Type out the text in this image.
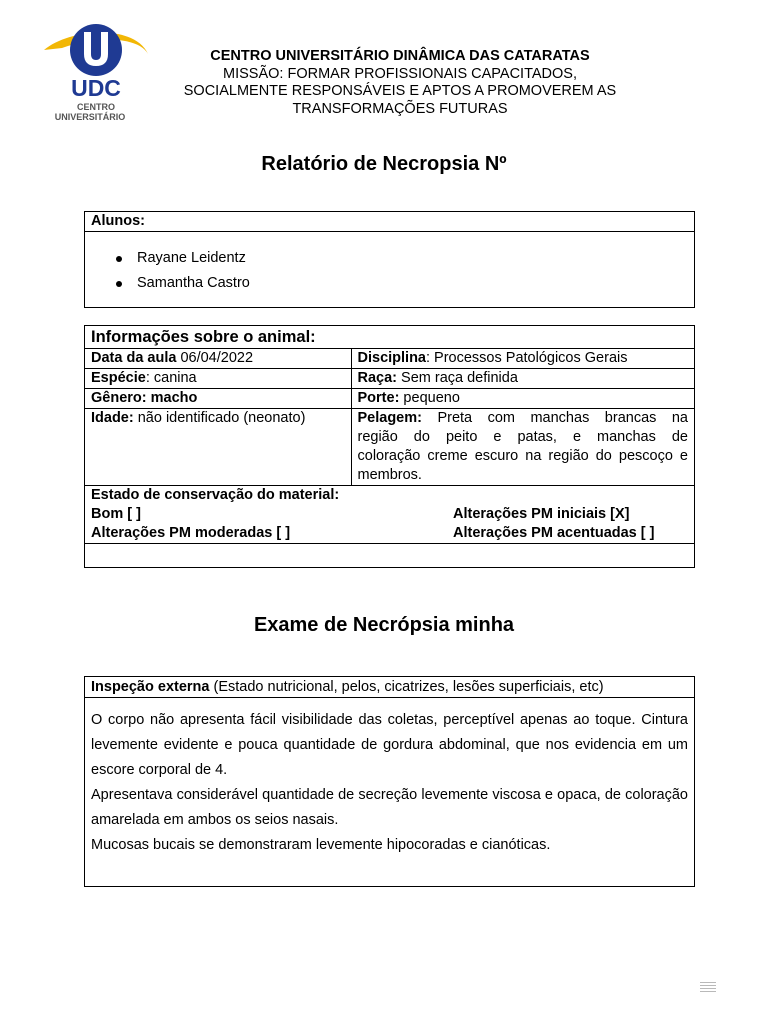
UDC
CENTRO
UNIVERSITÁRIO
CENTRO UNIVERSITÁRIO DINÂMICA DAS CATARATAS
MISSÃO: FORMAR PROFISSIONAIS CAPACITADOS,
SOCIALMENTE RESPONSÁVEIS E APTOS A PROMOVEREM AS
TRANSFORMAÇÕES FUTURAS
Relatório de Necropsia Nº
Alunos:
Rayane Leidentz
Samantha Castro
Informações sobre o animal:	
Data da aula 06/04/2022	Disciplina: Processos Patológicos Gerais
Espécie: canina	Raça: Sem raça definida
Gênero: macho	Porte: pequeno
Idade: não identificado (neonato)	Pelagem: Preta com manchas brancas na
região do peito e patas, e manchas de
coloração creme escuro na região do pescoço e
membros.

Estado de conservação do material:
Bom [ ] Alterações PM iniciais [X]
Alterações PM moderadas [ ] Alterações PM acentuadas [ ]	
Exame de Necrópsia minha
Inspeção externa (Estado nutricional, pelos, cicatrizes, lesões superficiais, etc)

O corpo não apresenta fácil visibilidade das coletas, perceptível apenas ao toque. Cintura levemente evidente e pouca quantidade de gordura abdominal, que nos evidencia em um escore corporal de 4.

Apresentava considerável quantidade de secreção levemente viscosa e opaca, de coloração amarelada em ambos os seios nasais.

Mucosas bucais se demonstraram levemente hipocoradas e cianóticas.
